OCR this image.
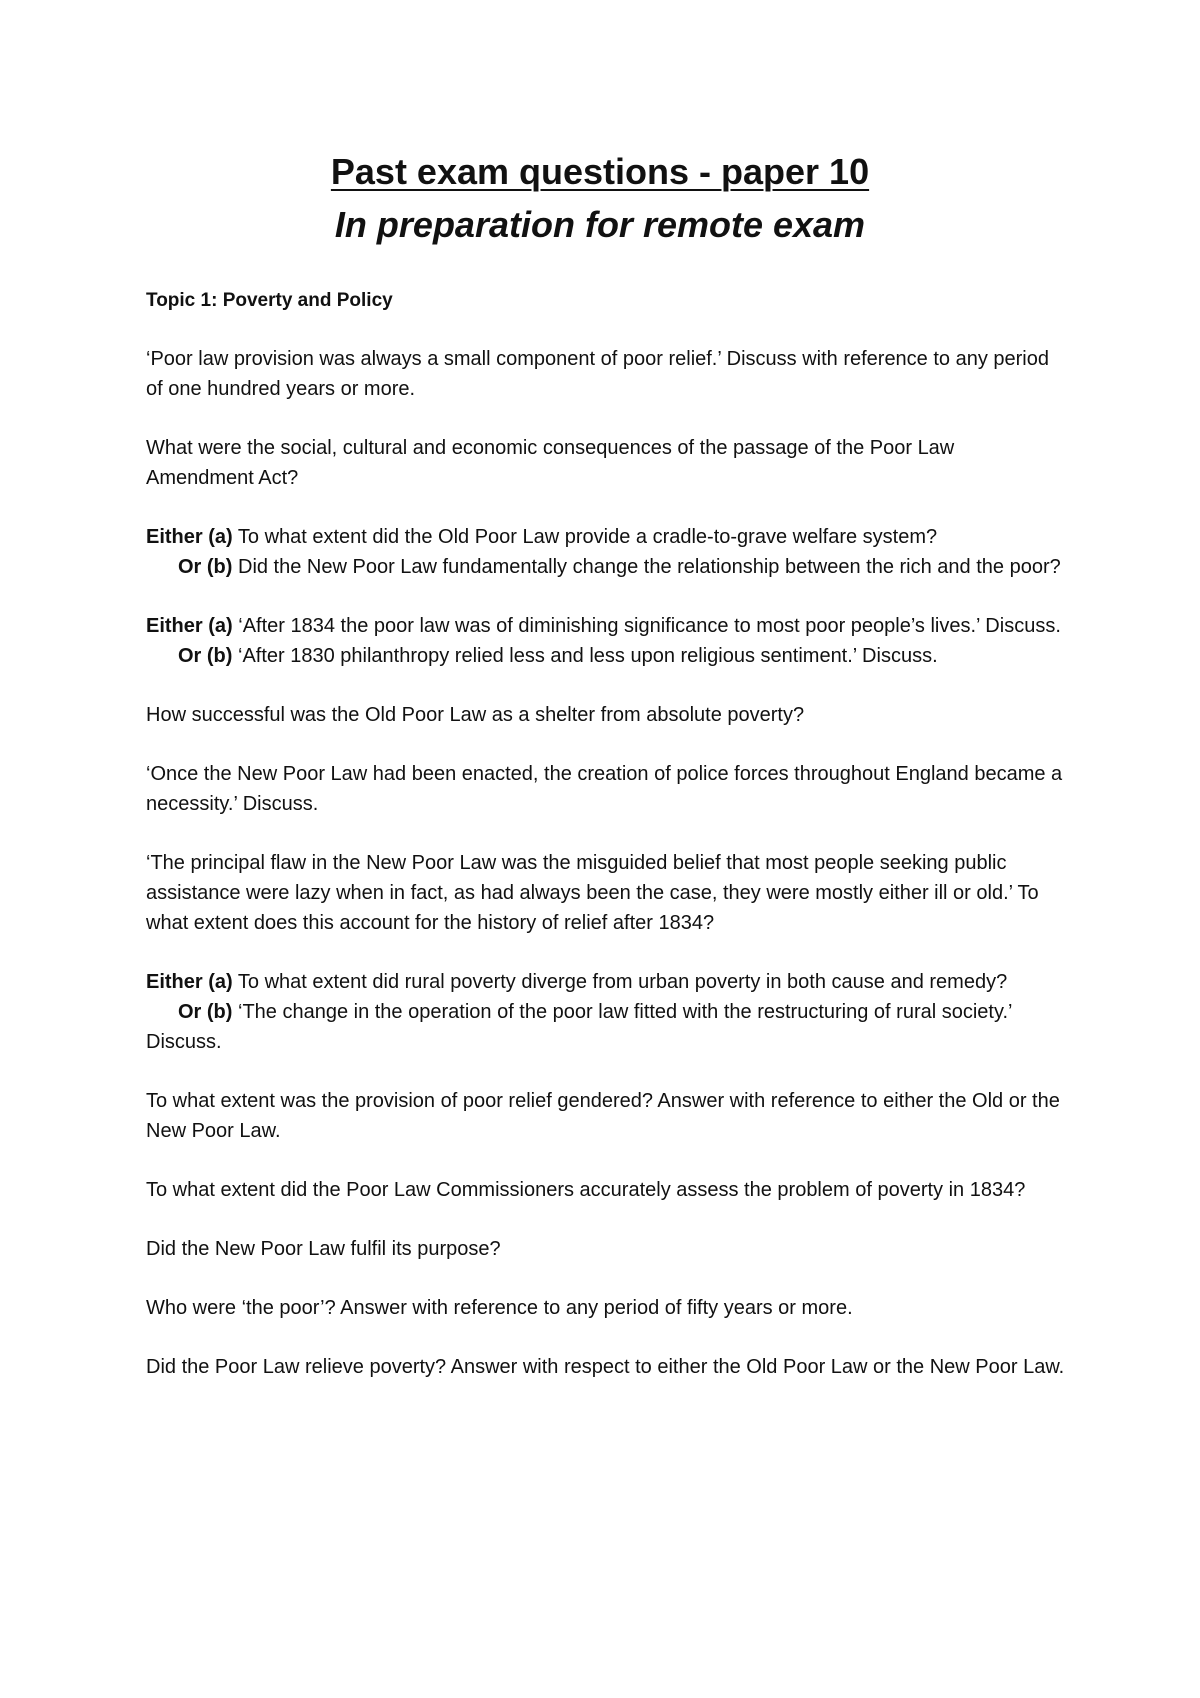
Past exam questions - paper 10
In preparation for remote exam

Topic 1: Poverty and Policy

‘Poor law provision was always a small component of poor relief.’ Discuss with reference to any period of one hundred years or more.

What were the social, cultural and economic consequences of the passage of the Poor Law Amendment Act?

Either (a) To what extent did the Old Poor Law provide a cradle-to-grave welfare system?

Or (b) Did the New Poor Law fundamentally change the relationship between the rich and the poor?

Either (a) ‘After 1834 the poor law was of diminishing significance to most poor people’s lives.’ Discuss.

Or (b) ‘After 1830 philanthropy relied less and less upon religious sentiment.’ Discuss.

How successful was the Old Poor Law as a shelter from absolute poverty?

‘Once the New Poor Law had been enacted, the creation of police forces throughout England became a necessity.’ Discuss.

‘The principal flaw in the New Poor Law was the misguided belief that most people seeking public assistance were lazy when in fact, as had always been the case, they were mostly either ill or old.’ To what extent does this account for the history of relief after 1834?

Either (a) To what extent did rural poverty diverge from urban poverty in both cause and remedy?

Or (b) ‘The change in the operation of the poor law fitted with the restructuring of rural society.’ Discuss.

To what extent was the provision of poor relief gendered? Answer with reference to either the Old or the New Poor Law.

To what extent did the Poor Law Commissioners accurately assess the problem of poverty in 1834?

Did the New Poor Law fulfil its purpose?

Who were ‘the poor’? Answer with reference to any period of fifty years or more.

Did the Poor Law relieve poverty? Answer with respect to either the Old Poor Law or the New Poor Law.
